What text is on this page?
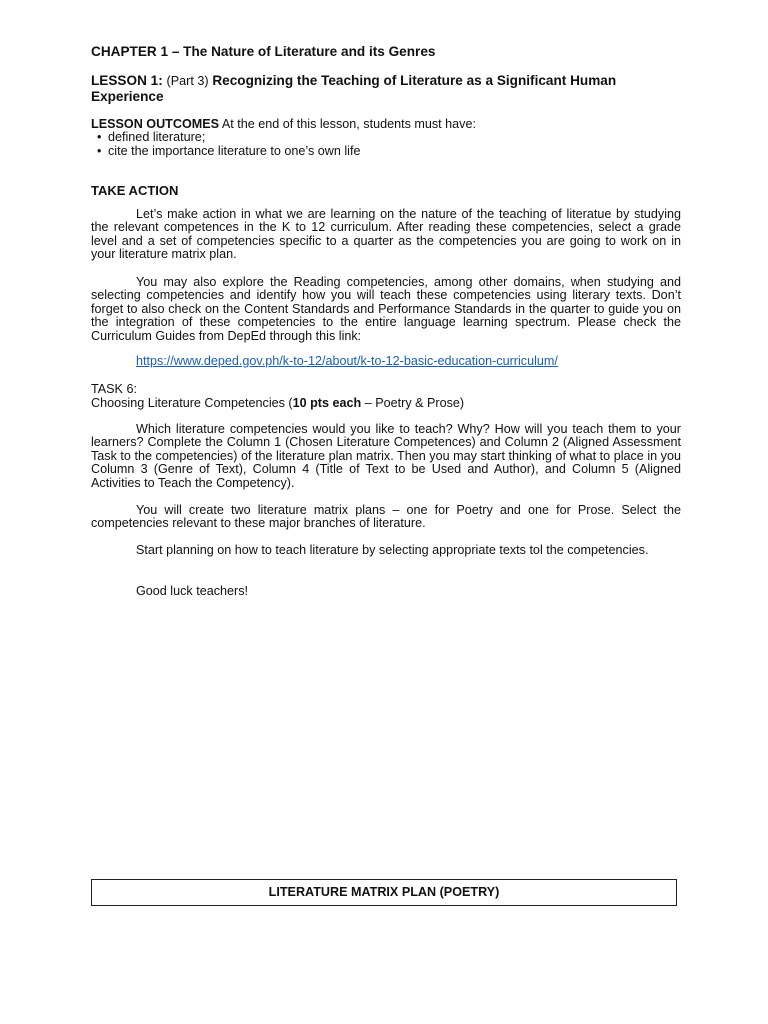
CHAPTER 1 – The Nature of Literature and its Genres
LESSON 1: (Part 3) Recognizing the Teaching of Literature as a Significant Human Experience
LESSON OUTCOMES At the end of this lesson, students must have:
• defined literature;
• cite the importance literature to one’s own life
TAKE ACTION

Let’s make action in what we are learning on the nature of the teaching of literatue by studying the relevant competences in the K to 12 curriculum. After reading these competencies, select a grade level and a set of competencies specific to a quarter as the competencies you are going to work on in your literature matrix plan.

You may also explore the Reading competencies, among other domains, when studying and selecting competencies and identify how you will teach these competencies using literary texts. Don’t forget to also check on the Content Standards and Performance Standards in the quarter to guide you on the integration of these competencies to the entire language learning spectrum. Please check the Curriculum Guides from DepEd through this link:

https://www.deped.gov.ph/k-to-12/about/k-to-12-basic-education-curriculum/
TASK 6:
Choosing Literature Competencies (10 pts each – Poetry & Prose)

Which literature competencies would you like to teach? Why? How will you teach them to your learners? Complete the Column 1 (Chosen Literature Competences) and Column 2 (Aligned Assessment Task to the competencies) of the literature plan matrix. Then you may start thinking of what to place in you Column 3 (Genre of Text), Column 4 (Title of Text to be Used and Author), and Column 5 (Aligned Activities to Teach the Competency).

You will create two literature matrix plans – one for Poetry and one for Prose. Select the competencies relevant to these major branches of literature.

Start planning on how to teach literature by selecting appropriate texts tol the competencies.

Good luck teachers!

LITERATURE MATRIX PLAN (POETRY)
